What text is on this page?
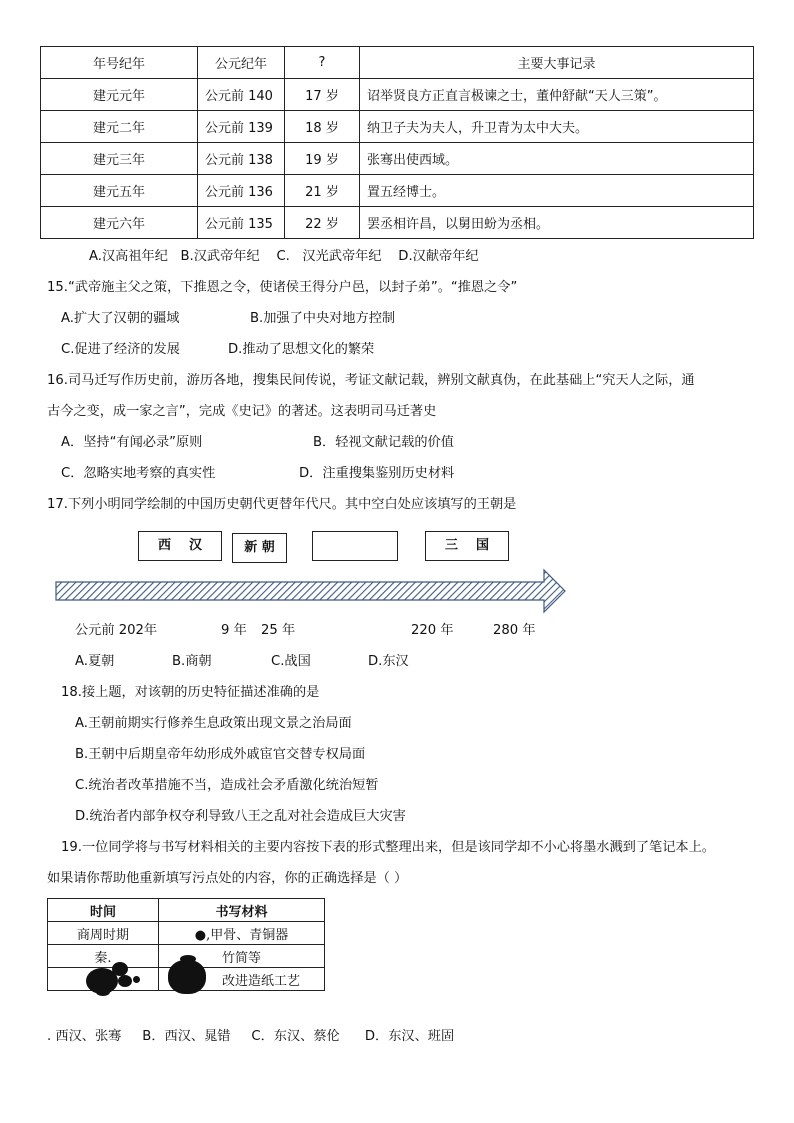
年号纪年	公元纪年	?	主要大事记录
建元元年	公元前 140	17 岁	诏举贤良方正直言极谏之士，董仲舒献“天人三策”。
建元二年	公元前 139	18 岁	纳卫子夫为夫人，升卫青为太中大夫。
建元三年	公元前 138	19 岁	张骞出使西域。
建元五年	公元前 136	21 岁	置五经博士。
建元六年	公元前 135	22 岁	罢丞相许昌，以舅田蚡为丞相。
A.汉高祖年纪   B.汉武帝年纪    C.   汉光武帝年纪    D.汉献帝年纪
15.“武帝施主父之策，下推恩之令，使诸侯王得分户邑，以封子弟”。“推恩之令”
A.扩大了汉朝的疆域	B.加强了中央对地方控制
C.促进了经济的发展	D.推动了思想文化的繁荣
16.司马迁写作历史前，游历各地，搜集民间传说，考证文献记载，辨别文献真伪，在此基础上“究天人之际，通
古今之变，成一家之言”，完成《史记》的著述。这表明司马迁著史
A．坚持“有闻必录”原则	B．轻视文献记载的价值
C．忽略实地考察的真实性	D．注重搜集鉴别历史材料
17.下列小明同学绘制的中国历史朝代更替年代尺。其中空白处应该填写的王朝是
西    汉	新 朝	三    国
公元前 202年	9 年 25 年	220 年	280 年
A.夏朝	B.商朝	C.战国	D.东汉
18.接上题，对该朝的历史特征描述准确的是
A.王朝前期实行修养生息政策出现文景之治局面
B.王朝中后期皇帝年幼形成外戚宦官交替专权局面
C.统治者改革措施不当，造成社会矛盾激化统治短暂
D.统治者内部争权夺利导致八王之乱对社会造成巨大灾害
19.一位同学将与书写材料相关的主要内容按下表的形式整理出来，但是该同学却不小心将墨水溅到了笔记本上。
如果请你帮助他重新填写污点处的内容，你的正确选择是（ ）
时间	书写材料
商周时期	●,甲骨、青铜器
秦.	竹简等
	改进造纸工艺
. 西汉、张骞     B．西汉、晁错     C．东汉、蔡伦      D．东汉、班固
